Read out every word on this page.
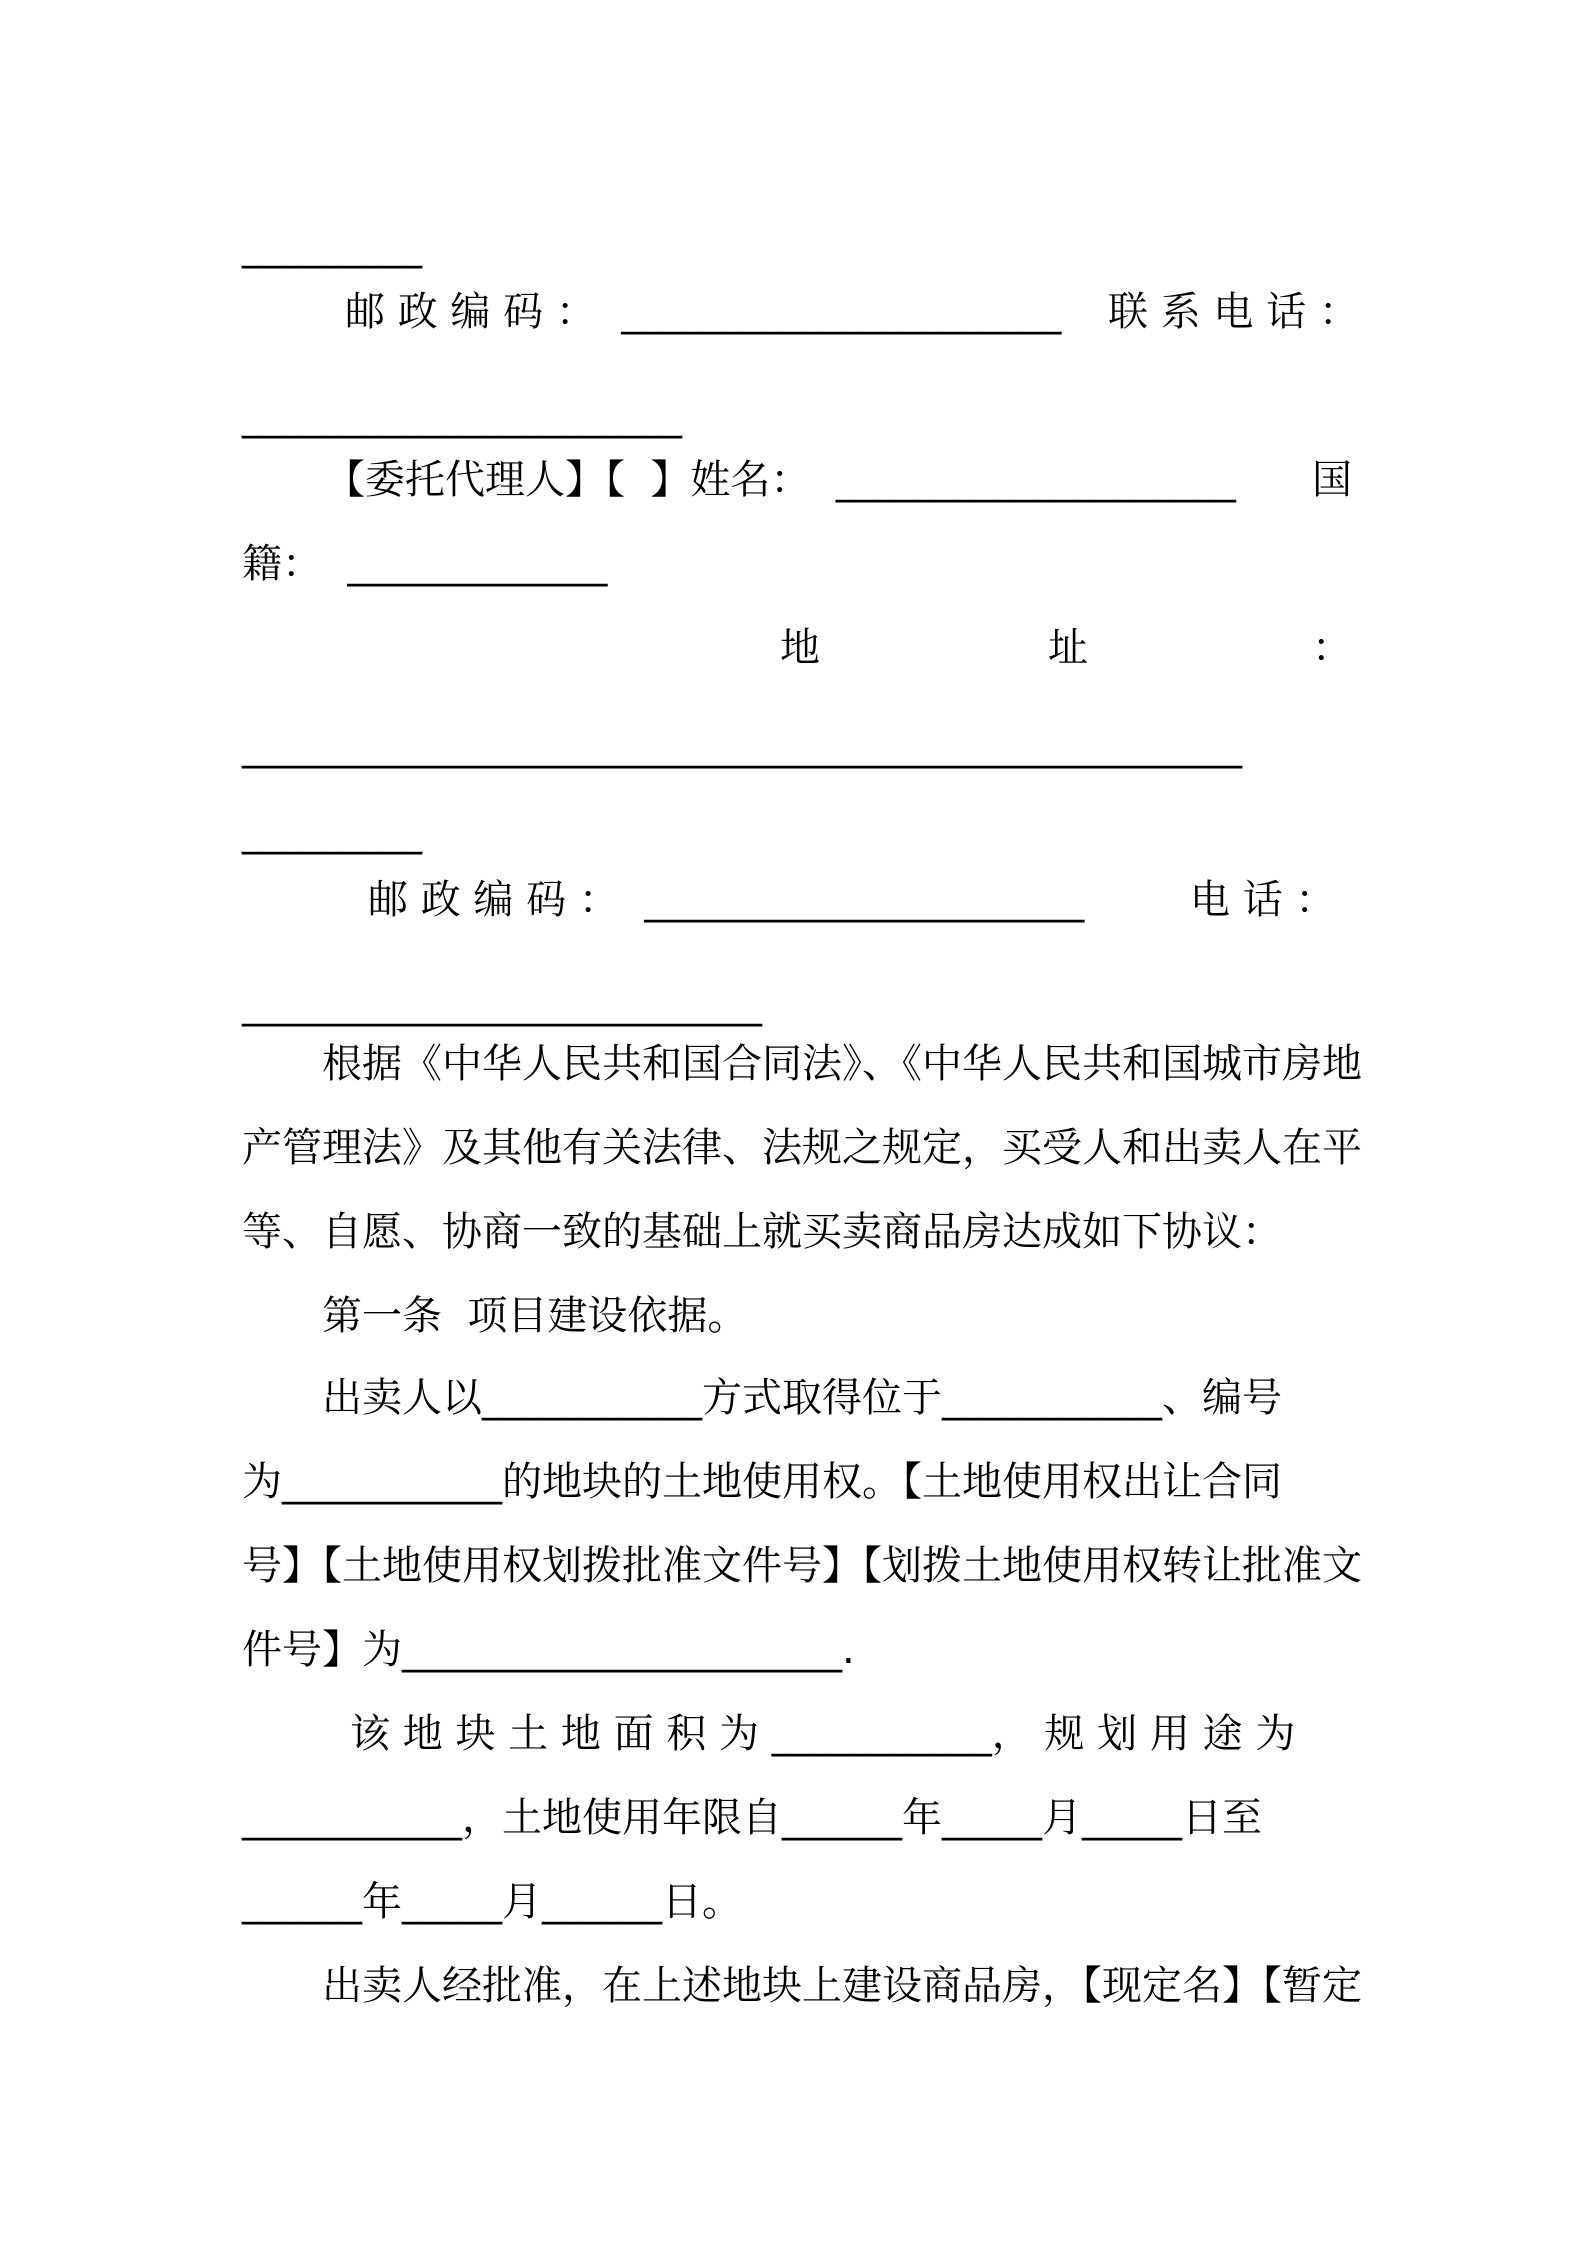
_________
邮 政 编 码 ：  ______________________ 联 系 电 话 ：
______________________
【委托代理人】【  】姓名：  ____________________ 国
籍：  _____________
地	址	：
__________________________________________________
_________
邮 政 编 码 ：  ______________________	电 话 ：
__________________________
根据《中华人民共和国合同法》、《中华人民共和国城市房地
产管理法》及其他有关法律、法规之规定，买受人和出卖人在平
等、自愿、协商一致的基础上就买卖商品房达成如下协议：
第一条  项目建设依据。
出卖人以___________方式取得位于___________、编号
为___________的地块的土地使用权。【土地使用权出让合同
号】【土地使用权划拨批准文件号】【划拨土地使用权转让批准文
件号】为______________________.
该 地 块 土 地 面 积 为 ___________， 规 划 用 途 为
___________，土地使用年限自______年_____月_____日至
______年_____月______日。
出卖人经批准，在上述地块上建设商品房，【现定名】【暂定
